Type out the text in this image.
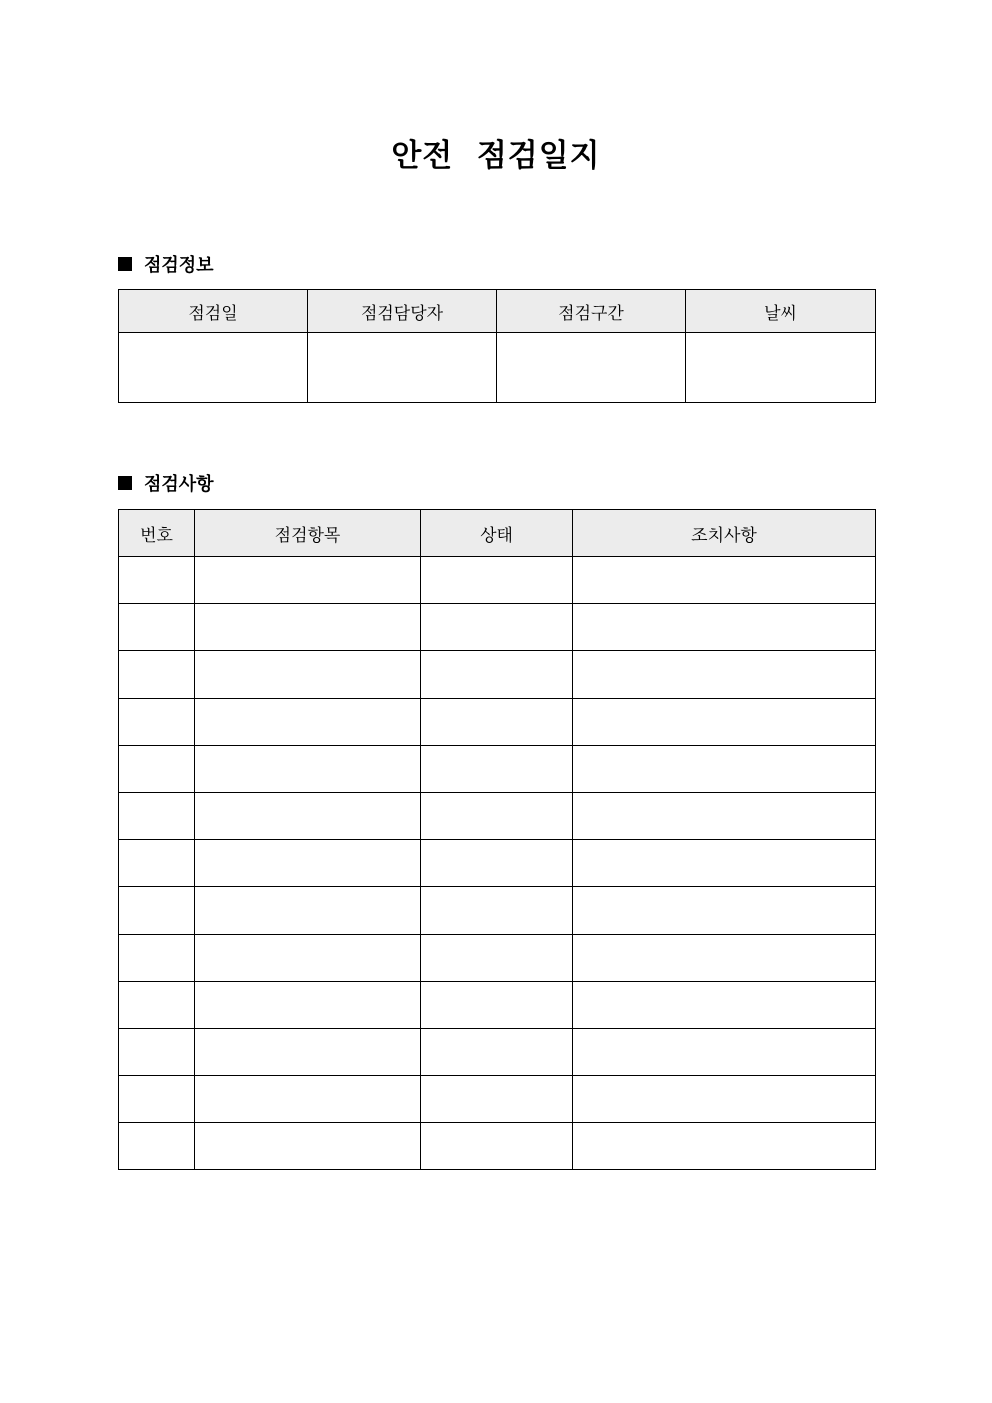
안전  점검일지
점검정보
점검일	점검담당자	점검구간	날씨

점검사항
번호	점검항목	상태	조치사항
